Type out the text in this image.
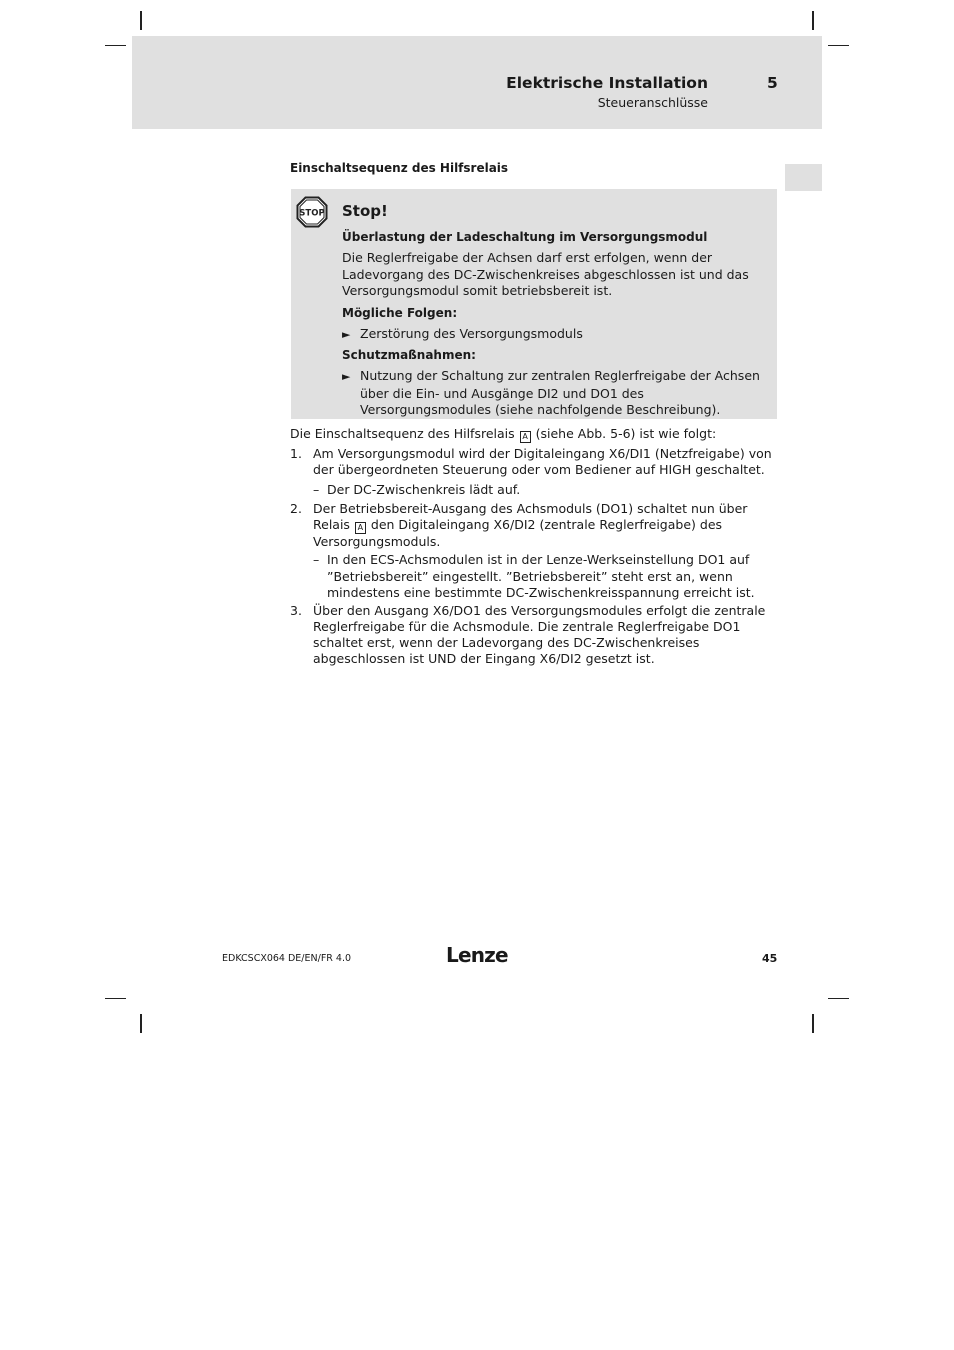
Elektrische Installation	5
Steueranschlüsse
Einschaltsequenz des Hilfsrelais
STOP Stop!
Überlastung der Ladeschaltung im Versorgungsmodul
Die Reglerfreigabe der Achsen darf erst erfolgen, wenn der
Ladevorgang des DC-Zwischenkreises abgeschlossen ist und das
Versorgungsmodul somit betriebsbereit ist.
Mögliche Folgen:
► Zerstörung des Versorgungsmoduls
Schutzmaßnahmen:
► Nutzung der Schaltung zur zentralen Reglerfreigabe der Achsen
über die Ein- und Ausgänge DI2 und DO1 des
Versorgungsmodules (siehe nachfolgende Beschreibung).
Die Einschaltsequenz des Hilfsrelais A (siehe Abb. 5-6) ist wie folgt:
1. Am Versorgungsmodul wird der Digitaleingang X6/DI1 (Netzfreigabe) von
der übergeordneten Steuerung oder vom Bediener auf HIGH geschaltet.
– Der DC-Zwischenkreis lädt auf.
2. Der Betriebsbereit-Ausgang des Achsmoduls (DO1) schaltet nun über
Relais A den Digitaleingang X6/DI2 (zentrale Reglerfreigabe) des
Versorgungsmoduls.
– In den ECS-Achsmodulen ist in der Lenze-Werkseinstellung DO1 auf
”Betriebsbereit” eingestellt. ”Betriebsbereit” steht erst an, wenn
mindestens eine bestimmte DC-Zwischenkreisspannung erreicht ist.
3. Über den Ausgang X6/DO1 des Versorgungsmodules erfolgt die zentrale
Reglerfreigabe für die Achsmodule. Die zentrale Reglerfreigabe DO1
schaltet erst, wenn der Ladevorgang des DC-Zwischenkreises
abgeschlossen ist UND der Eingang X6/DI2 gesetzt ist.
EDKCSCX064 DE/EN/FR 4.0	Lenze	45
